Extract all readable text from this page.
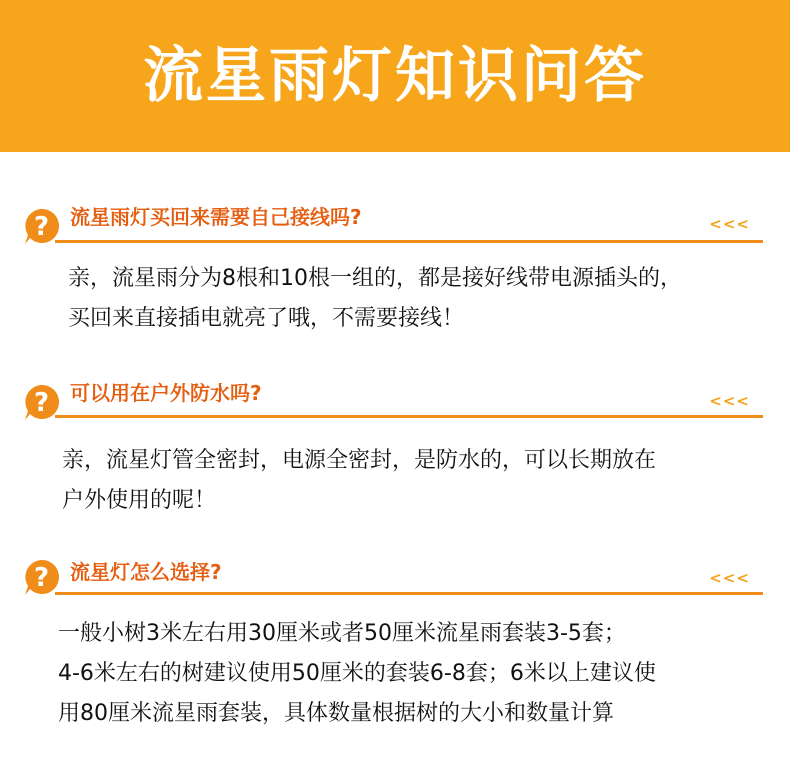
流星雨灯知识问答
? 流星雨灯买回来需要自己接线吗?	<<<

亲，流星雨分为8根和10根一组的，都是接好线带电源插头的，

买回来直接插电就亮了哦，不需要接线！

? 可以用在户外防水吗?	<<<

亲，流星灯管全密封，电源全密封，是防水的，可以长期放在

户外使用的呢！

? 流星灯怎么选择?	<<<

一般小树3米左右用30厘米或者50厘米流星雨套装3-5套；

4-6米左右的树建议使用50厘米的套装6-8套；6米以上建议使

用80厘米流星雨套装，具体数量根据树的大小和数量计算
